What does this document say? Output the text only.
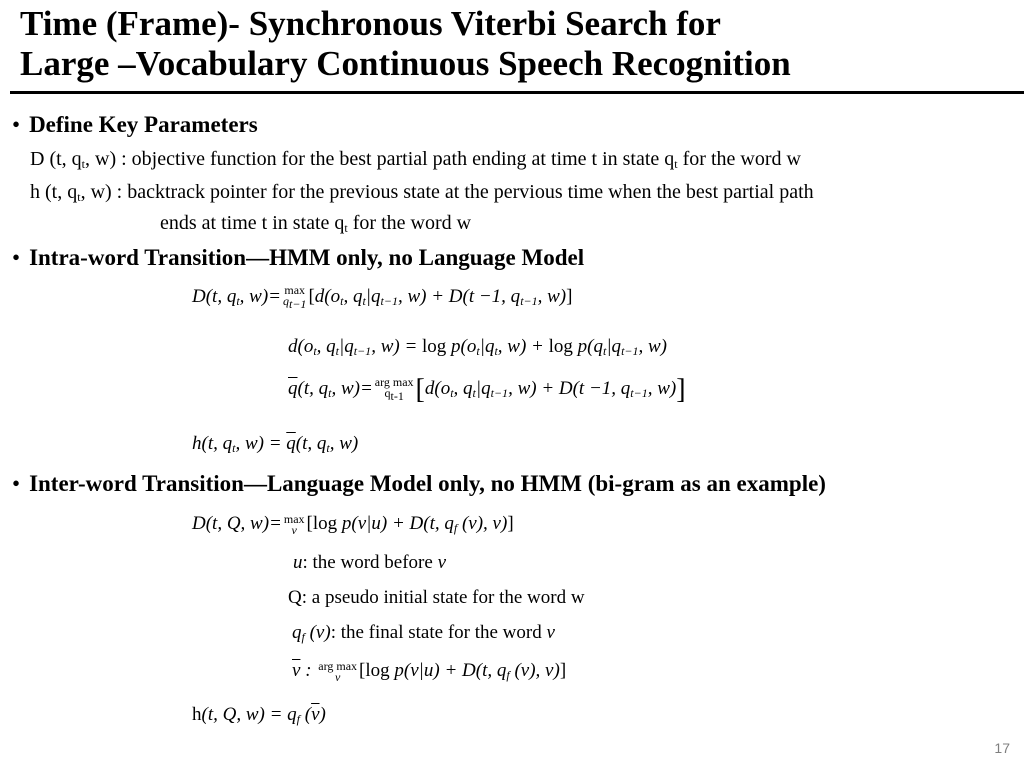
Time (Frame)- Synchronous Viterbi Search for
Large –Vocabulary Continuous Speech Recognition
• Define Key Parameters
D (t, $q_t$, w) : objective function for the best partial path ending at time t in state $q_t$ for the word w
h (t, $q_t$, w) : backtrack pointer for the previous state at the pervious time when the best partial path
ends at time t in state $q_t$ for the word w
• Intra-word Transition—HMM only, no Language Model
D(t, $q_t$, w)= max
$q_{t-1}$ [$d(o_t$, $q_t|q_{t-1}$, w) + D(t −1, $q_{t-1}$, w)]
$d(o_t$, $q_t|q_{t-1}$, $w) = \log p(o_t|q_t$, $w) + \log p(q_t|q_{t-1}$, w)
$\overline{q}(t$, $q_t$, w)= arg max
$q_{t-1}$ [$d(o_t$, $q_t|q_{t-1}$, w) + D(t −1, $q_{t-1}$, w)]
h(t, $q_t$, $w) = \overline{q}(t$, $q_t$, w)
• Inter-word Transition—Language Model only, no HMM (bi-gram as an example)
D(t, Q, w)= max
v [log p(v|u) + D(t, $q_f$ (v), v)]
u: the word before v
Q: a pseudo initial state for the word w
$q_f$ (v): the final state for the word v
$\overline{v}$ : arg max
v [log p(v|u) + D(t, $q_f$ (v), v)]
h(t, Q, $w) = q_f$ $(\overline{v})$
17
